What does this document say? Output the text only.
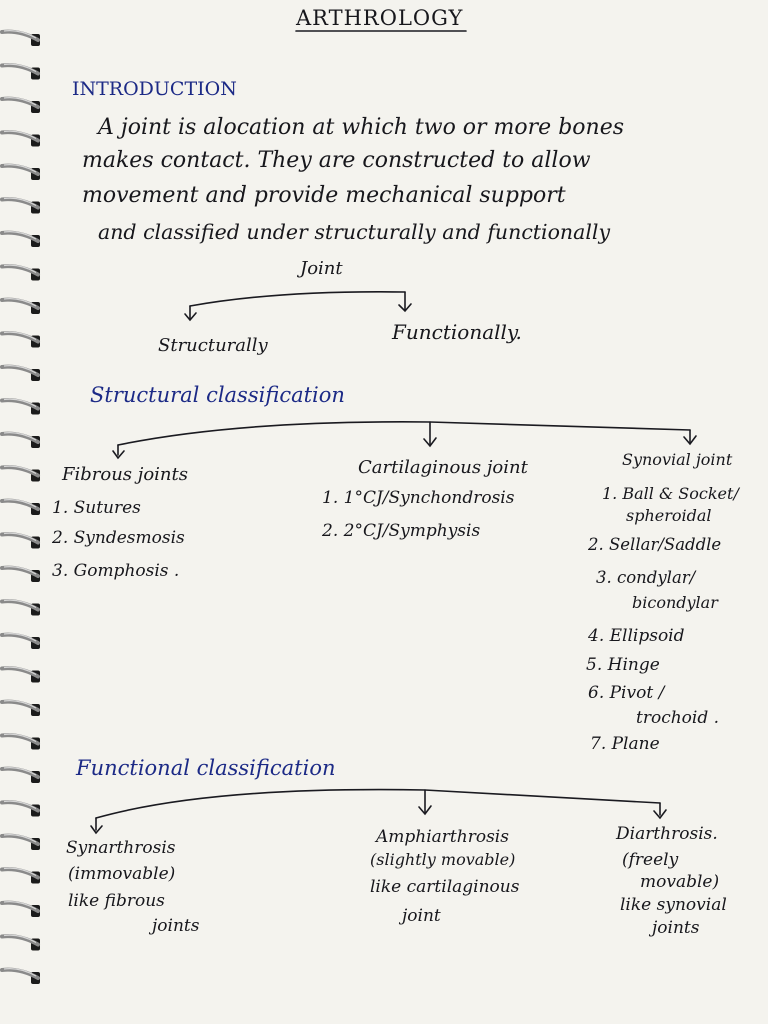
ARTHROLOGY
INTRODUCTION
A joint is alocation at which two or more bones
makes contact. They are constructed to allow
movement and provide mechanical support
and classified under structurally and functionally
Joint
Structurally
Functionally.
Structural classification
Fibrous joints
1. Sutures
2. Syndesmosis
3. Gomphosis .
Cartilaginous joint
1. 1°CJ/Synchondrosis
2. 2°CJ/Symphysis
Synovial joint
1. Ball & Socket/
spheroidal
2. Sellar/Saddle
3. condylar/
bicondylar
4. Ellipsoid
5. Hinge
6. Pivot /
trochoid .
7. Plane
Functional classification
Synarthrosis
(immovable)
like fibrous
joints
Amphiarthrosis
(slightly movable)
like cartilaginous
joint
Diarthrosis.
(freely
movable)
like synovial
joints
